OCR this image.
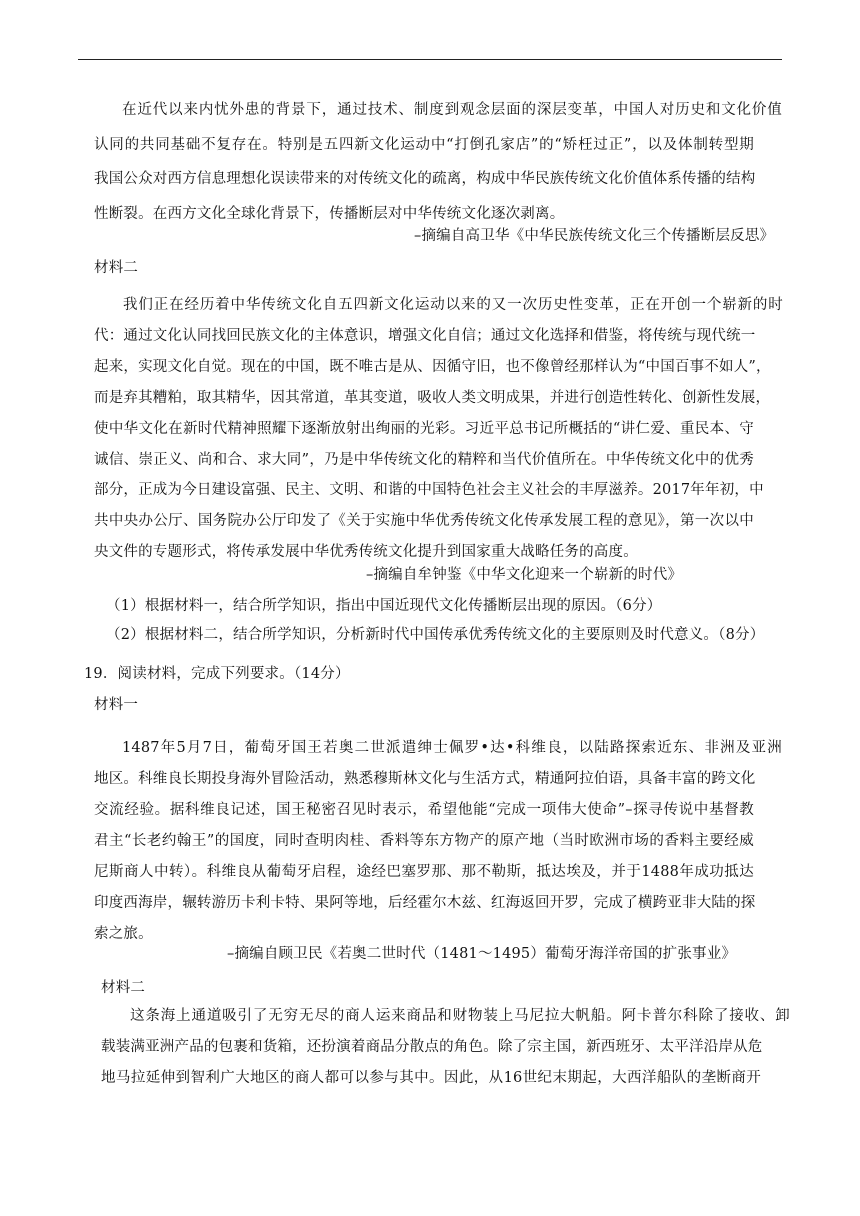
在近代以来内忧外患的背景下，通过技术、制度到观念层面的深层变革，中国人对历史和文化价值
认同的共同基础不复存在。特别是五四新文化运动中“打倒孔家店”的“矫枉过正”，以及体制转型期
我国公众对西方信息理想化误读带来的对传统文化的疏离，构成中华民族传统文化价值体系传播的结构
性断裂。在西方文化全球化背景下，传播断层对中华传统文化逐次剥离。
–摘编自高卫华《中华民族传统文化三个传播断层反思》
材料二
我们正在经历着中华传统文化自五四新文化运动以来的又一次历史性变革，正在开创一个崭新的时
代：通过文化认同找回民族文化的主体意识，增强文化自信；通过文化选择和借鉴，将传统与现代统一
起来，实现文化自觉。现在的中国，既不唯古是从、因循守旧，也不像曾经那样认为“中国百事不如人”，
而是弃其糟粕，取其精华，因其常道，革其变道，吸收人类文明成果，并进行创造性转化、创新性发展，
使中华文化在新时代精神照耀下逐渐放射出绚丽的光彩。习近平总书记所概括的“讲仁爱、重民本、守
诚信、崇正义、尚和合、求大同”，乃是中华传统文化的精粹和当代价值所在。中华传统文化中的优秀
部分，正成为今日建设富强、民主、文明、和谐的中国特色社会主义社会的丰厚滋养。2017年年初，中
共中央办公厅、国务院办公厅印发了《关于实施中华优秀传统文化传承发展工程的意见》，第一次以中
央文件的专题形式，将传承发展中华优秀传统文化提升到国家重大战略任务的高度。
–摘编自牟钟鉴《中华文化迎来一个崭新的时代》
（1）根据材料一，结合所学知识，指出中国近现代文化传播断层出现的原因。（6分）
（2）根据材料二，结合所学知识，分析新时代中国传承优秀传统文化的主要原则及时代意义。（8分）
19．阅读材料，完成下列要求。（14分）
材料一
1487年5月7日，葡萄牙国王若奥二世派遣绅士佩罗•达•科维良，以陆路探索近东、非洲及亚洲
地区。科维良长期投身海外冒险活动，熟悉穆斯林文化与生活方式，精通阿拉伯语，具备丰富的跨文化
交流经验。据科维良记述，国王秘密召见时表示，希望他能“完成一项伟大使命”–探寻传说中基督教
君主“长老约翰王”的国度，同时查明肉桂、香料等东方物产的原产地（当时欧洲市场的香料主要经威
尼斯商人中转）。科维良从葡萄牙启程，途经巴塞罗那、那不勒斯，抵达埃及，并于1488年成功抵达
印度西海岸，辗转游历卡利卡特、果阿等地，后经霍尔木兹、红海返回开罗，完成了横跨亚非大陆的探
索之旅。
–摘编自顾卫民《若奥二世时代（1481～1495）葡萄牙海洋帝国的扩张事业》
材料二
这条海上通道吸引了无穷无尽的商人运来商品和财物装上马尼拉大帆船。阿卡普尔科除了接收、卸
载装满亚洲产品的包裹和货箱，还扮演着商品分散点的角色。除了宗主国，新西班牙、太平洋沿岸从危
地马拉延伸到智利广大地区的商人都可以参与其中。因此，从16世纪末期起，大西洋船队的垄断商开
